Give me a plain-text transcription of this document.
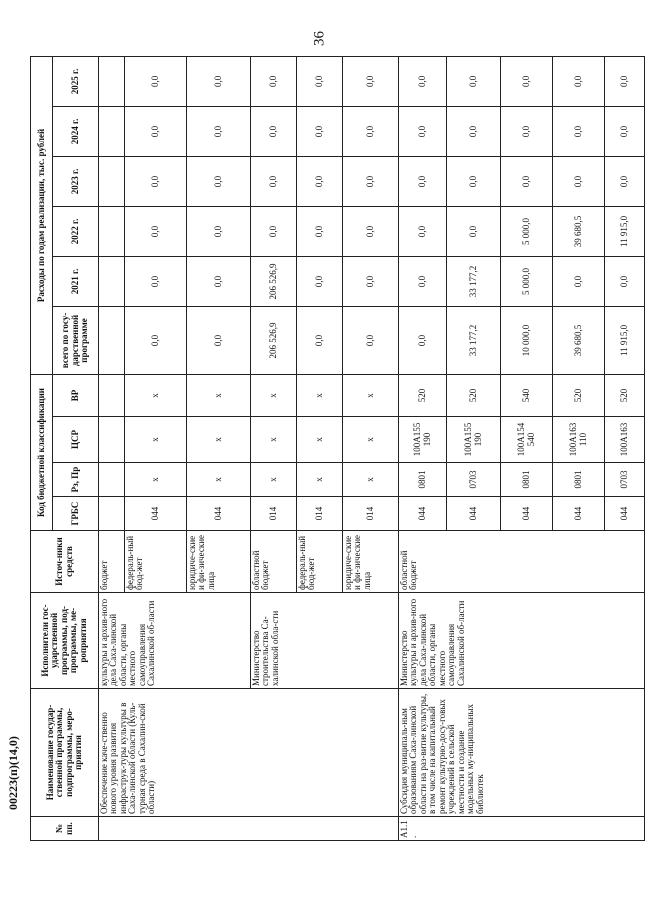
36
№ пп.	Наименование государ-ственной программы, подпрограммы, меро-приятия	Исполнители гос-ударственной программы, под-программы, ме-роприятия	Источ-ники средств	Код бюджетной классификации				Расходы по годам реализации, тыс. рублей					
				ГРБС	Рз, Пр	ЦСР	ВР	всего по госу-дарственной программе	2021 г.	2022 г.	2023 г.	2024 г.	2025 г.
	Обеспечение каче-ственно нового уровня развития инфраструк-туры культуры в Саха-линской области (Куль-турная среда в Сахалин-ской области)	культуры и архив-ного дела Саха-линской области, органы местного самоуправления Сахалинской об-ласти	бюджет										
			федераль-ный бюд-жет	044	x	x	x	0,0	0,0	0,0	0,0	0,0	0,0
			юридиче-ские и фи-зические лица	044	x	x	x	0,0	0,0	0,0	0,0	0,0	0,0
		Министерство строительства Са-халинской обла-сти	областной бюджет	014	x	x	x	206 526,9	206 526,9	0,0	0,0	0,0	0,0
			федераль-ный бюд-жет	014	x	x	x	0,0	0,0	0,0	0,0	0,0	0,0
			юридиче-ские и фи-зические лица	014	x	x	x	0,0	0,0	0,0	0,0	0,0	0,0
А1.1.	Субсидия муниципаль-ным образованиям Саха-линской области на раз-витие культуры, в том числе на капитальный ремонт культурно-досу-говых учреждений в сельской местности и создание модельных му-ниципальных библиотек	Министерство культуры и архив-ного дела Саха-линской области, органы местного самоуправления Сахалинской об-ласти	областной бюджет	044	0801	100A155 190	520	0,0	0,0	0,0	0,0	0,0	0,0
				044	0703	100A155 190	520	33 177,2	33 177,2	0,0	0,0	0,0	0,0
				044	0801	100A154 540	540	10 000,0	5 000,0	5 000,0	0,0	0,0	0,0
				044	0801	100A163 110	520	39 680,5	0,0	39 680,5	0,0	0,0	0,0
				044	0703	100A163	520	11 915,0	0,0	11 915,0	0,0	0,0	0,0
00223(п)(14,0)
